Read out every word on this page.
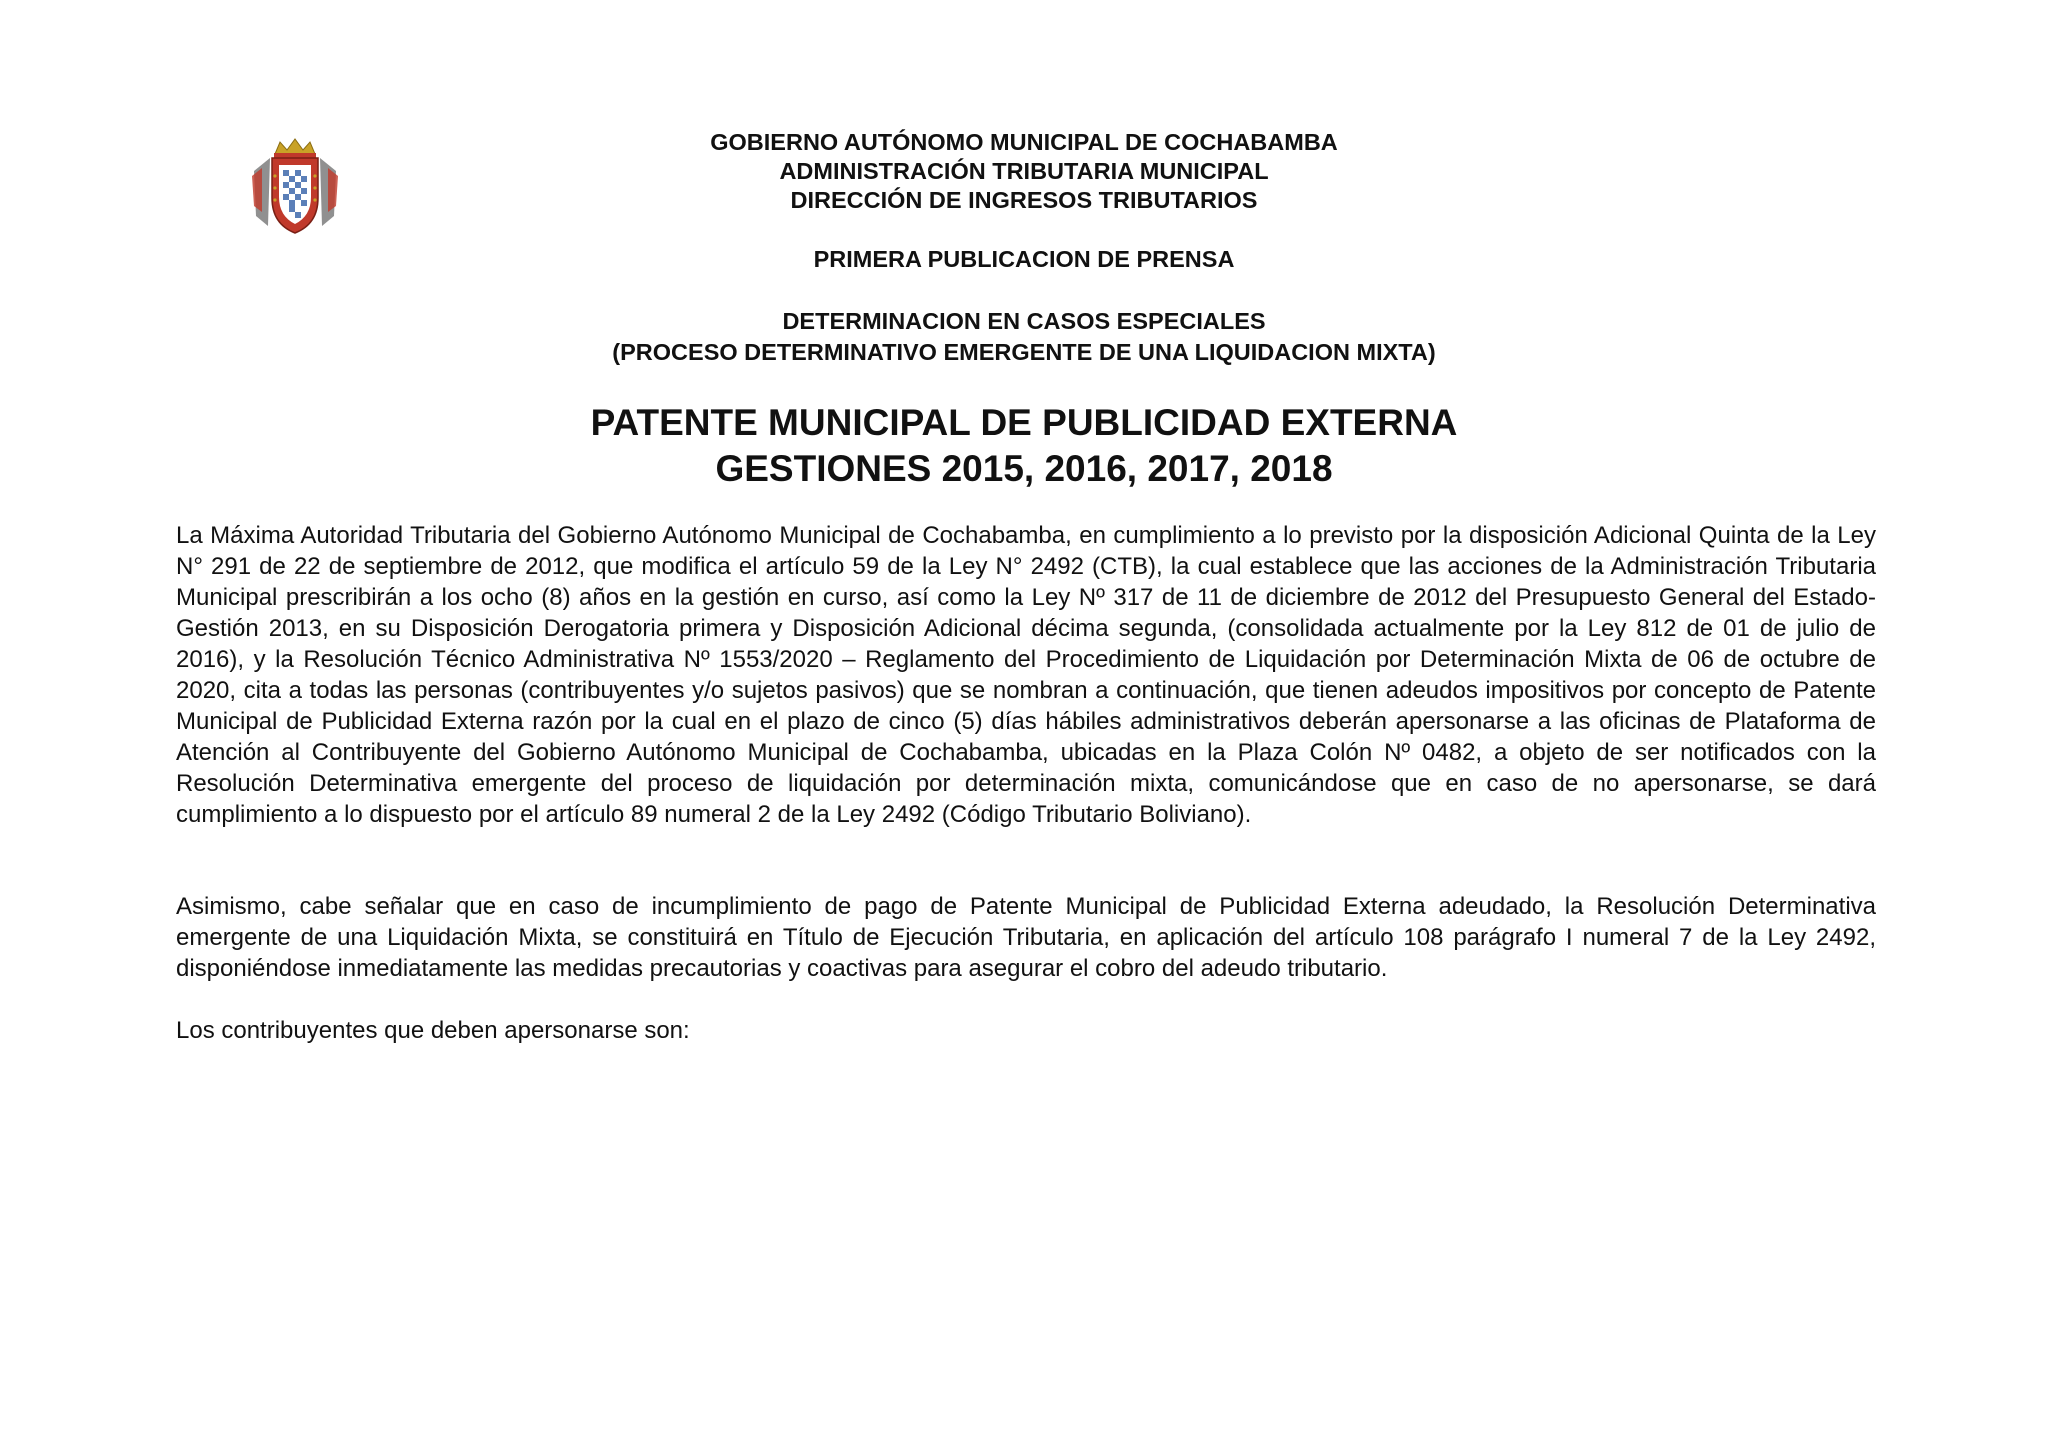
GOBIERNO AUTÓNOMO MUNICIPAL DE COCHABAMBA
ADMINISTRACIÓN TRIBUTARIA MUNICIPAL
DIRECCIÓN DE INGRESOS TRIBUTARIOS
PRIMERA PUBLICACION DE PRENSA
DETERMINACION EN CASOS ESPECIALES
(PROCESO DETERMINATIVO EMERGENTE DE UNA LIQUIDACION MIXTA)
PATENTE MUNICIPAL DE PUBLICIDAD EXTERNA
GESTIONES 2015, 2016, 2017, 2018

La Máxima Autoridad Tributaria del Gobierno Autónomo Municipal de Cochabamba, en cumplimiento a lo previsto por la disposición Adicional Quinta de la Ley N° 291 de 22 de septiembre de 2012, que modifica el artículo 59 de la Ley N° 2492 (CTB), la cual establece que las acciones de la Administración Tributaria Municipal prescribirán a los ocho (8) años en la gestión en curso, así como la Ley Nº 317 de 11 de diciembre de 2012 del Presupuesto General del Estado-Gestión 2013, en su Disposición Derogatoria primera y Disposición Adicional décima segunda, (consolidada actualmente por la Ley 812 de 01 de julio de 2016), y la Resolución Técnico Administrativa Nº 1553/2020 – Reglamento del Procedimiento de Liquidación por Determinación Mixta de 06 de octubre de 2020, cita a todas las personas (contribuyentes y/o sujetos pasivos) que se nombran a continuación, que tienen adeudos impositivos por concepto de Patente Municipal de Publicidad Externa razón por la cual en el plazo de cinco (5) días hábiles administrativos deberán apersonarse a las oficinas de Plataforma de Atención al Contribuyente del Gobierno Autónomo Municipal de Cochabamba, ubicadas en la Plaza Colón Nº 0482, a objeto de ser notificados con la Resolución Determinativa emergente del proceso de liquidación por determinación mixta, comunicándose que en caso de no apersonarse, se dará cumplimiento a lo dispuesto por el artículo 89 numeral 2 de la Ley 2492 (Código Tributario Boliviano).

Asimismo, cabe señalar que en caso de incumplimiento de pago de Patente Municipal de Publicidad Externa adeudado, la Resolución Determinativa emergente de una Liquidación Mixta, se constituirá en Título de Ejecución Tributaria, en aplicación del artículo 108 parágrafo I numeral 7 de la Ley 2492, disponiéndose inmediatamente las medidas precautorias y coactivas para asegurar el cobro del adeudo tributario.

Los contribuyentes que deben apersonarse son:
